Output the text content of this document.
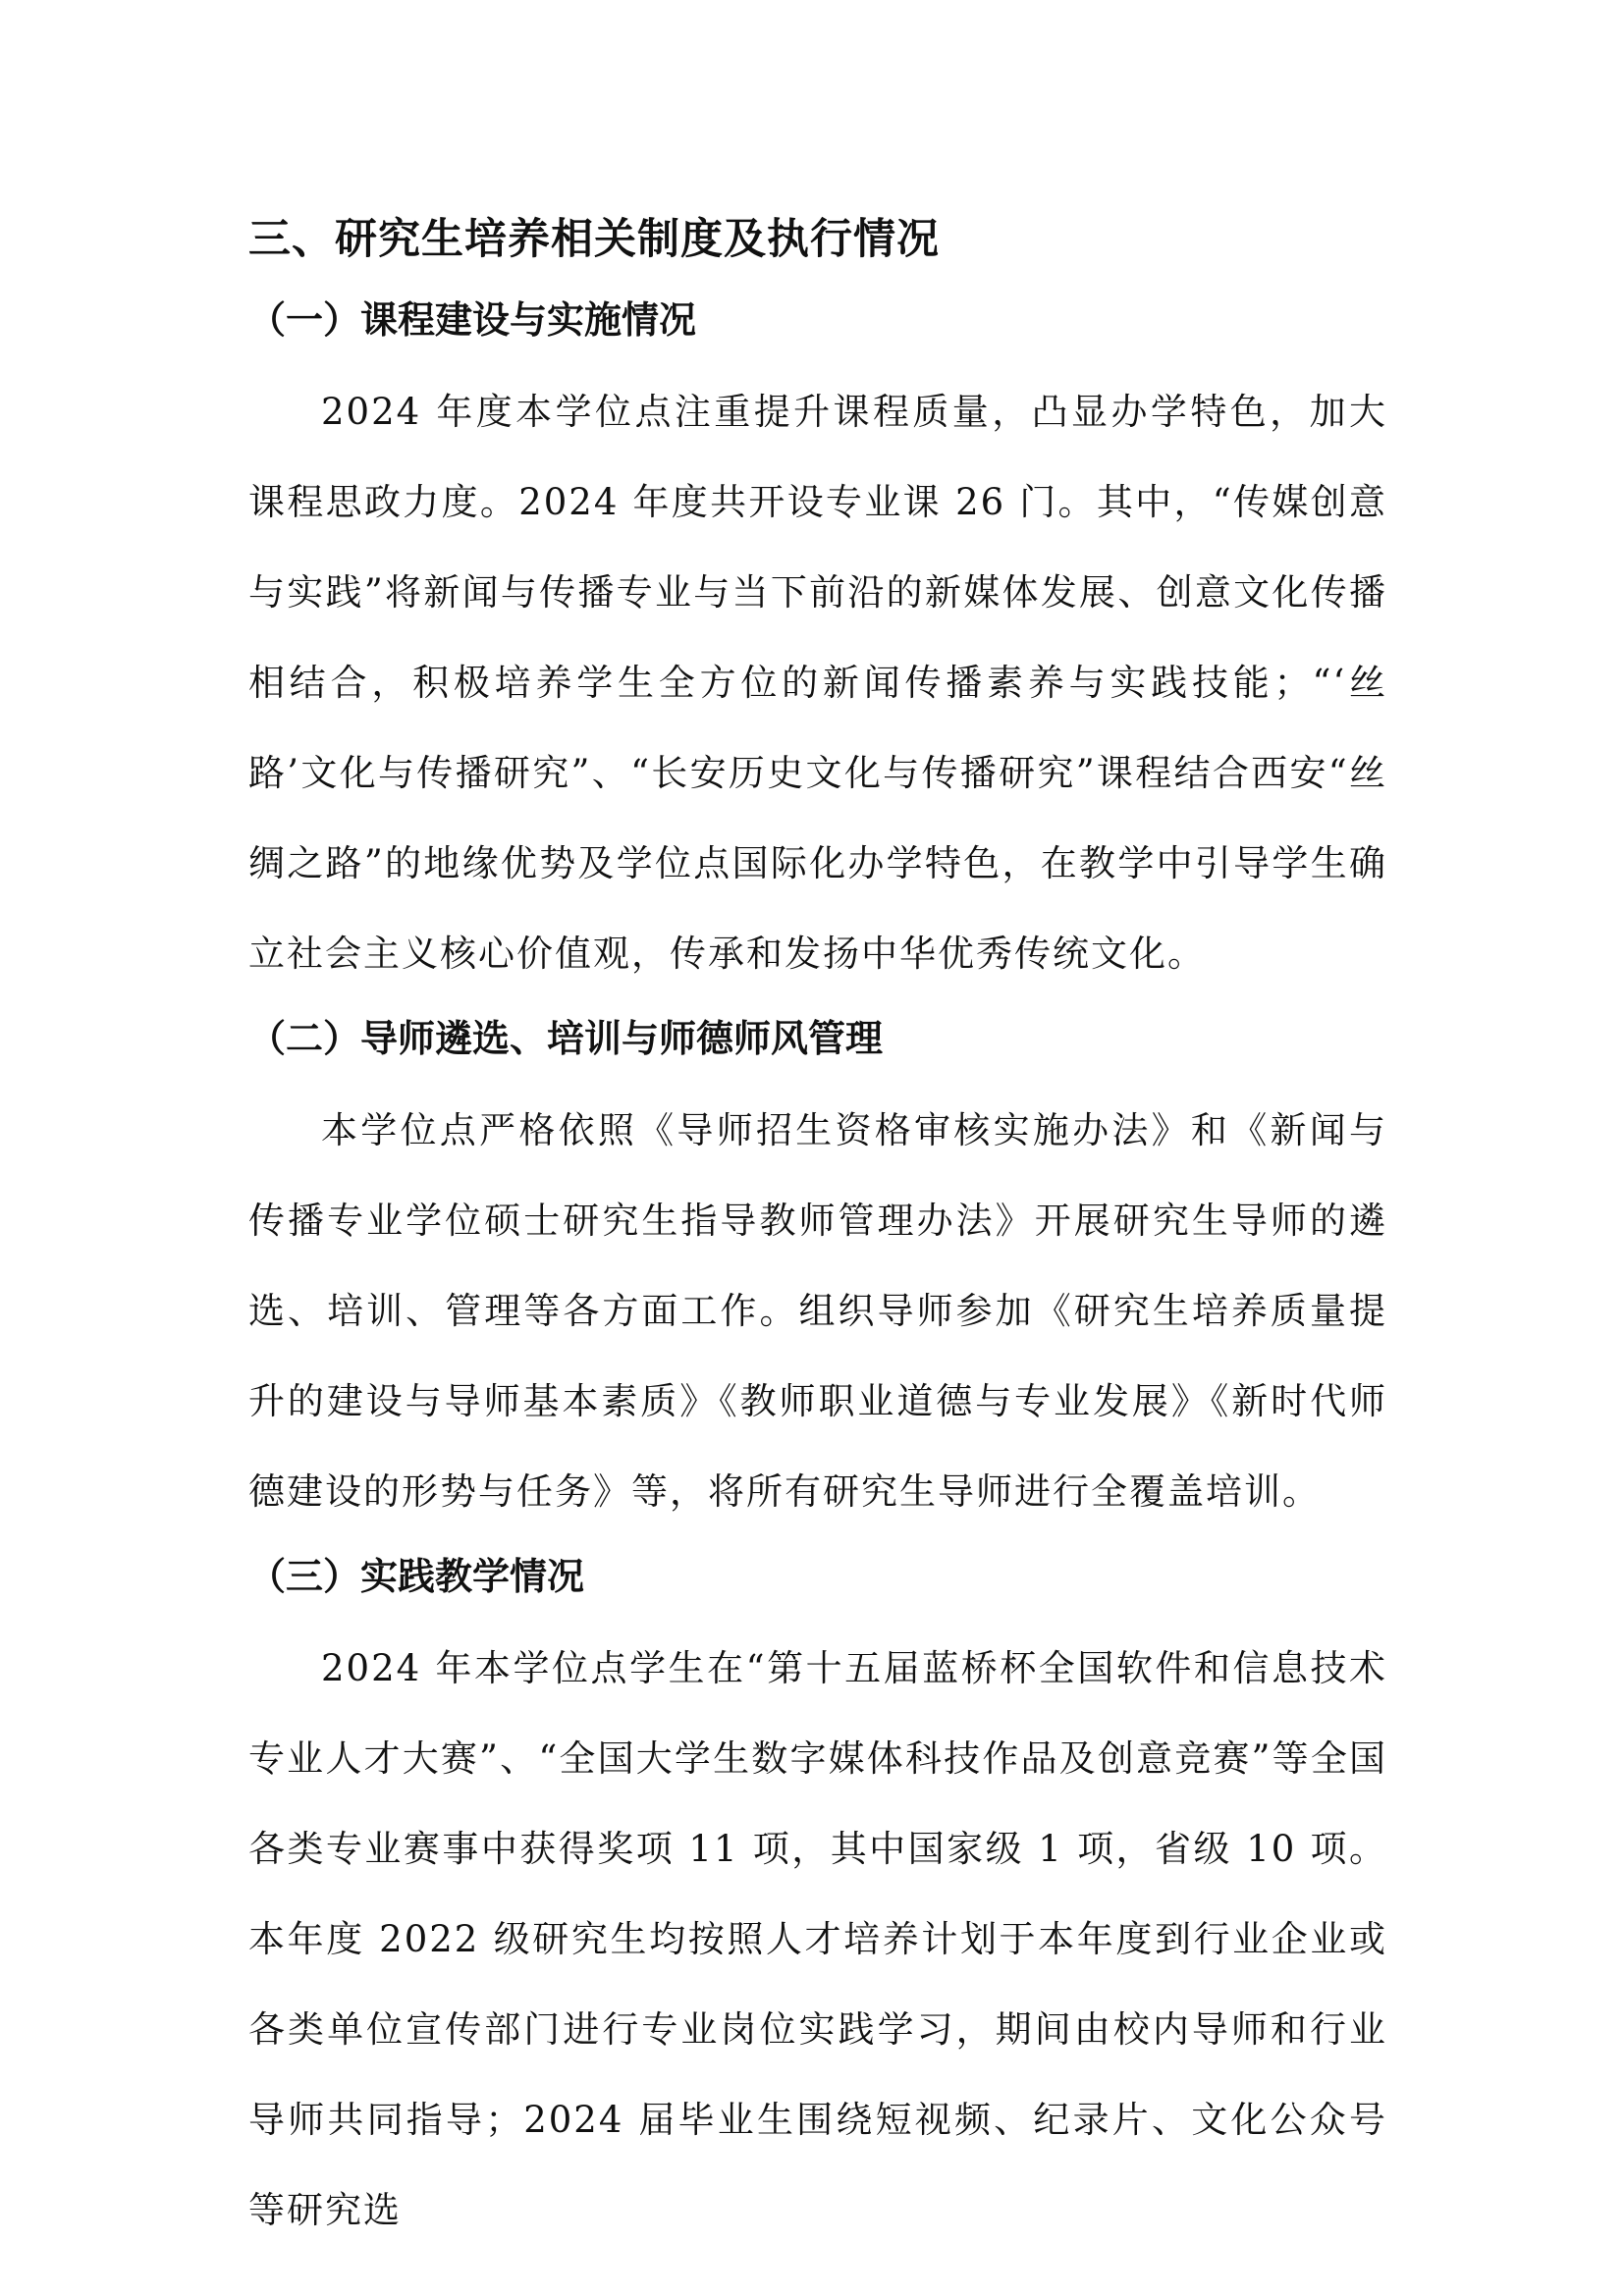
三、研究生培养相关制度及执行情况
（一）课程建设与实施情况

2024 年度本学位点注重提升课程质量，凸显办学特色，加大课程思政力度。2024 年度共开设专业课 26 门。其中，“传媒创意与实践”将新闻与传播专业与当下前沿的新媒体发展、创意文化传播相结合，积极培养学生全方位的新闻传播素养与实践技能；“‘丝路’文化与传播研究”、“长安历史文化与传播研究”课程结合西安“丝绸之路”的地缘优势及学位点国际化办学特色，在教学中引导学生确立社会主义核心价值观，传承和发扬中华优秀传统文化。

（二）导师遴选、培训与师德师风管理

本学位点严格依照《导师招生资格审核实施办法》和《新闻与传播专业学位硕士研究生指导教师管理办法》开展研究生导师的遴选、培训、管理等各方面工作。组织导师参加《研究生培养质量提升的建设与导师基本素质》《教师职业道德与专业发展》《新时代师德建设的形势与任务》等，将所有研究生导师进行全覆盖培训。

（三）实践教学情况

2024 年本学位点学生在“第十五届蓝桥杯全国软件和信息技术专业人才大赛”、“全国大学生数字媒体科技作品及创意竞赛”等全国各类专业赛事中获得奖项 11 项，其中国家级 1 项，省级 10 项。本年度 2022 级研究生均按照人才培养计划于本年度到行业企业或各类单位宣传部门进行专业岗位实践学习，期间由校内导师和行业导师共同指导；2024 届毕业生围绕短视频、纪录片、文化公众号等研究选
